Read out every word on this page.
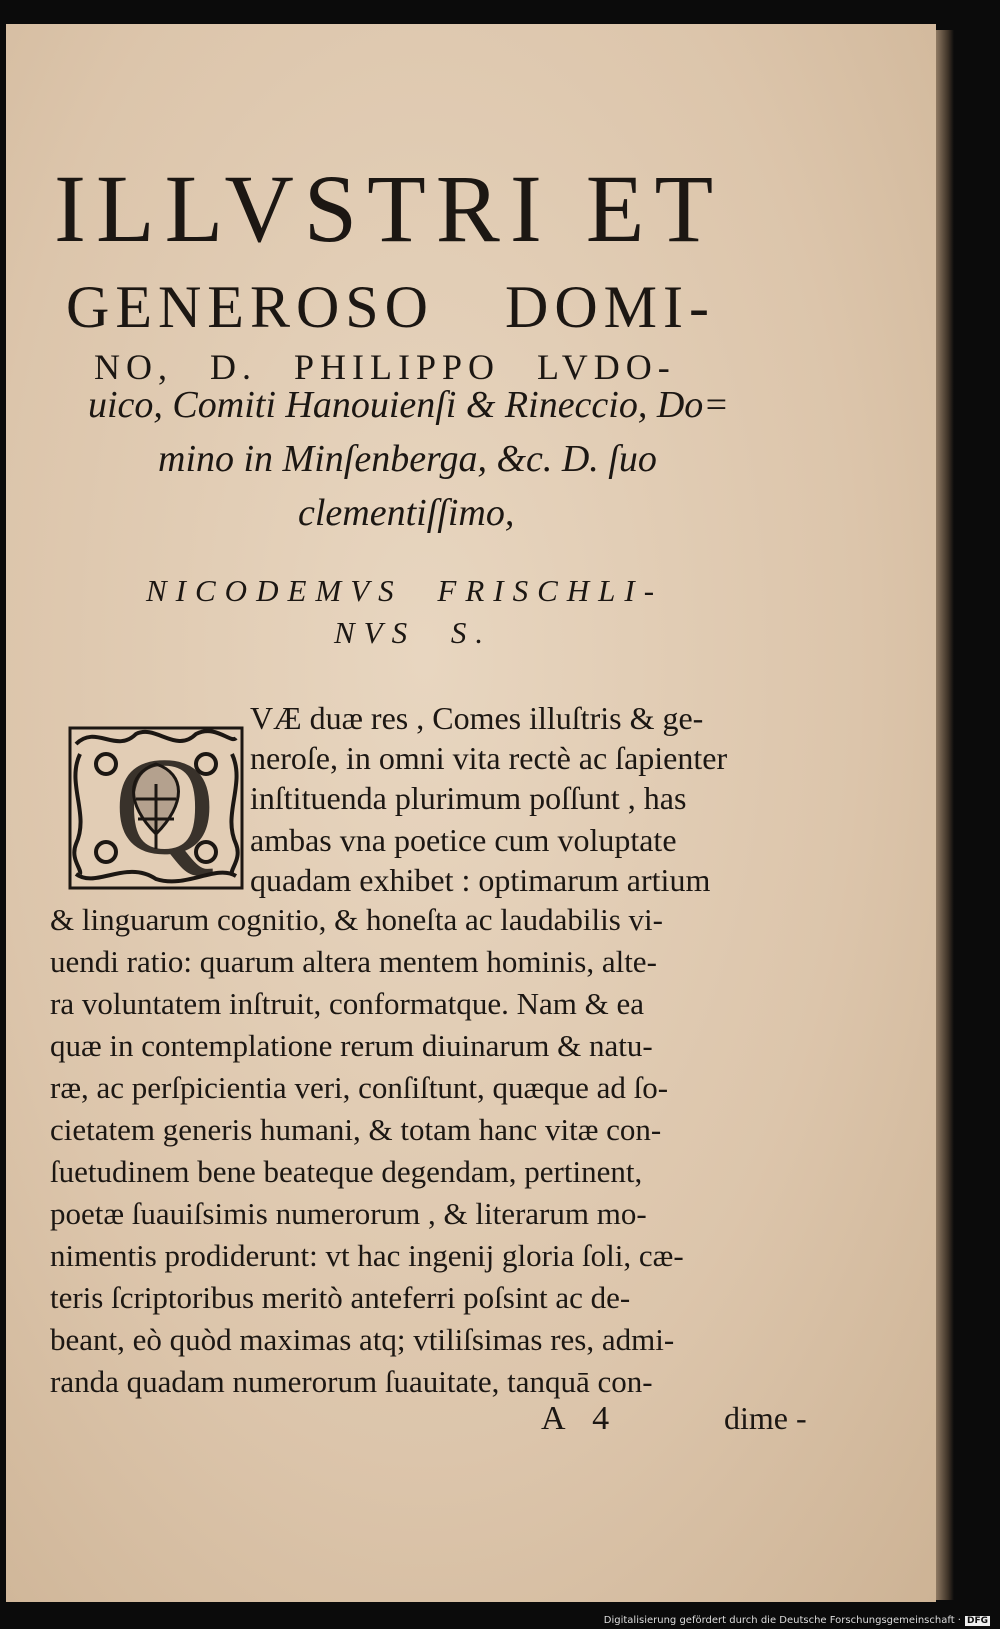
ILLVSTRI ET
GENEROSO DOMI-
NO, D. PHILIPPO LVDO-
uico, Comiti Hanouienſi & Rineccio, Do=
mino in Minſenberga, &c. D. ſuo
clementiſſimo,
NICODEMVS FRISCHLI-
NVS S.
Q
VÆ duæ res , Comes illuſtris & ge-
neroſe, in omni vita rectè ac ſapienter
inſtituenda plurimum poſſunt , has
ambas vna poetice cum voluptate
quadam exhibet : optimarum artium
& linguarum cognitio, & honeſta ac laudabilis vi-
uendi ratio: quarum altera mentem hominis, alte-
ra voluntatem inſtruit, conformatque. Nam & ea
quæ in contemplatione rerum diuinarum & natu-
ræ, ac perſpicientia veri, conſiſtunt, quæque ad ſo-
cietatem generis humani, & totam hanc vitæ con-
ſuetudinem bene beateque degendam, pertinent,
poetæ ſuauiſsimis numerorum , & literarum mo-
nimentis prodiderunt: vt hac ingenij gloria ſoli, cæ-
teris ſcriptoribus meritò anteferri poſsint ac de-
beant, eò quòd maximas atq; vtiliſsimas res, admi-
randa quadam numerorum ſuauitate, tanquā con-
A 4	dime -
Digitalisierung gefördert durch die Deutsche Forschungsgemeinschaft · DFG
